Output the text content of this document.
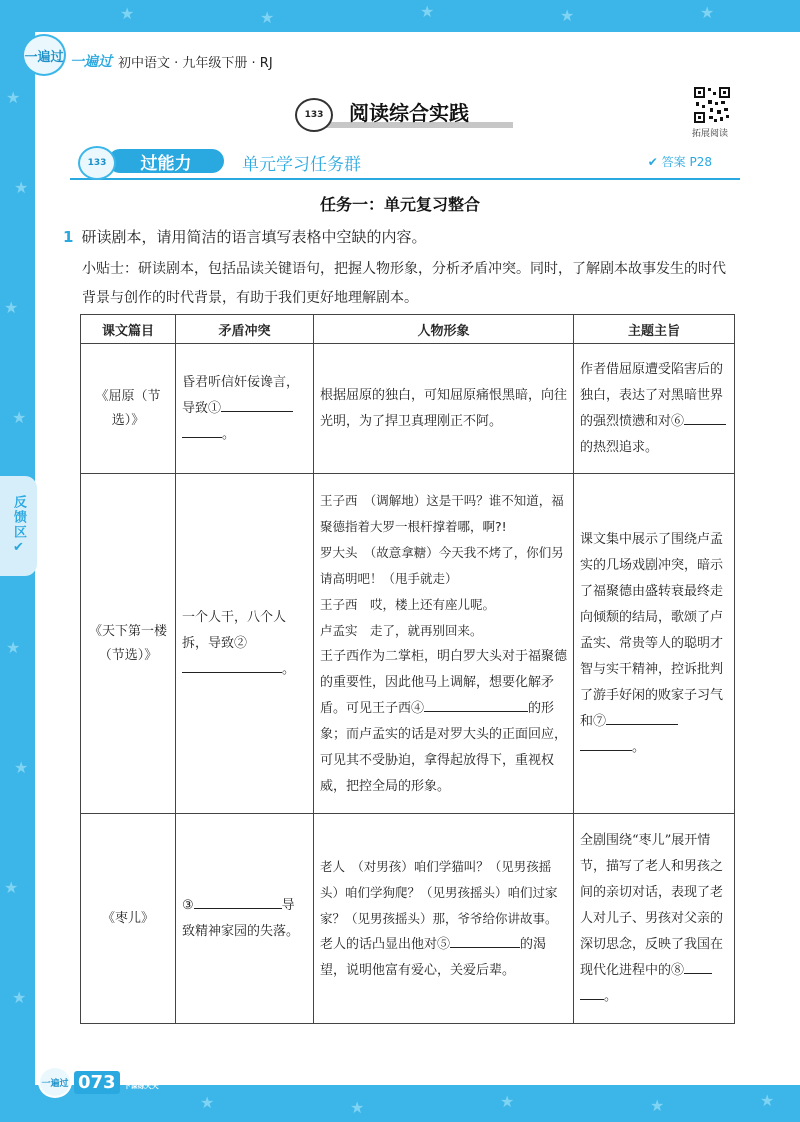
★
★
★
★
★
★
★
★
★	★	★	★	★
★	★	★	★	★
一遍过 一遍过 初中语文 · 九年级下册 · RJ
133 阅读综合实践
拓展阅读
过能力
133	单元学习任务群	✔ 答案 P28
任务一：单元复习整合
1 研读剧本，请用简洁的语言填写表格中空缺的内容。
小贴士：研读剧本，包括品读关键语句，把握人物形象，分析矛盾冲突。同时，了解剧本故事发生的时代背景与创作的时代背景，有助于我们更好地理解剧本。
课文篇目	矛盾冲突	人物形象	主题主旨
《屈原（节选）》	昏君听信奸佞谗言，导致①。	根据屈原的独白，可知屈原痛恨黑暗，向往光明，为了捍卫真理刚正不阿。	作者借屈原遭受陷害后的独白，表达了对黑暗世界的强烈愤懑和对⑥的热烈追求。
《天下第一楼（节选）》	一个人干，八个人拆，导致②。	王子西　（调解地）这是干吗？谁不知道，福聚德指着大罗一根杆撑着哪，啊?!
罗大头　（故意拿糖）今天我不烤了，你们另请高明吧！（甩手就走）
王子西　哎，楼上还有座儿呢。
卢孟实　走了，就再别回来。
王子西作为二掌柜，明白罗大头对于福聚德的重要性，因此他马上调解，想要化解矛盾。可见王子西④ 的形象；而卢孟实的话是对罗大头的正面回应，可见其不受胁迫，拿得起放得下，重视权威，把控全局的形象。	课文集中展示了围绕卢孟实的几场戏剧冲突，暗示了福聚德由盛转衰最终走向倾颓的结局，歌颂了卢孟实、常贵等人的聪明才智与实干精神，控诉批判了游手好闲的败家子习气和⑦。
《枣儿》	③ 导致精神家园的失落。	老人　（对男孩）咱们学猫叫？（见男孩摇头）咱们学狗爬？（见男孩摇头）咱们过家家？（见男孩摇头）那，爷爷给你讲故事。
老人的话凸显出他对⑤ 的渴望，说明他富有爱心，关爱后辈。	全剧围绕“枣儿”展开情节，描写了老人和男孩之间的亲切对话，表现了老人对儿子、男孩对父亲的深切思念，反映了我国在现代化进程中的⑧。
反馈区
✔
一遍过 073	上课认真听
下课练天天
